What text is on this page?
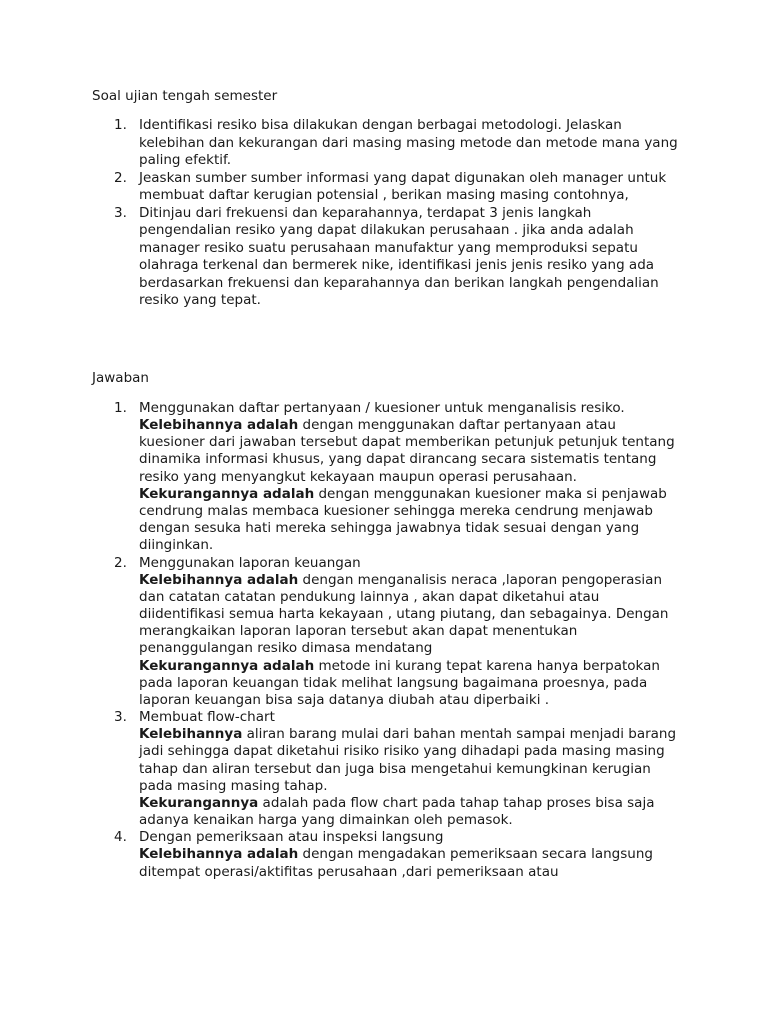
Soal ujian tengah semester
1. Identifikasi resiko bisa dilakukan dengan berbagai metodologi. Jelaskan kelebihan dan kekurangan dari masing masing metode dan metode mana yang paling efektif.

2. Jeaskan sumber sumber informasi yang dapat digunakan oleh manager untuk membuat daftar kerugian potensial , berikan masing masing contohnya,

3. Ditinjau dari frekuensi dan keparahannya, terdapat 3 jenis langkah pengendalian resiko yang dapat dilakukan perusahaan . jika anda adalah manager resiko suatu perusahaan manufaktur yang memproduksi sepatu olahraga terkenal dan bermerek nike, identifikasi jenis jenis resiko yang ada berdasarkan frekuensi dan keparahannya dan berikan langkah pengendalian resiko yang tepat.

Jawaban
1. Menggunakan daftar pertanyaan / kuesioner untuk menganalisis resiko.

Kelebihannya adalah dengan menggunakan daftar pertanyaan atau kuesioner dari jawaban tersebut dapat memberikan petunjuk petunjuk tentang dinamika informasi khusus, yang dapat dirancang secara sistematis tentang resiko yang menyangkut kekayaan maupun operasi perusahaan.

Kekurangannya adalah dengan menggunakan kuesioner maka si penjawab cendrung malas membaca kuesioner sehingga mereka cendrung menjawab dengan sesuka hati mereka sehingga jawabnya tidak sesuai dengan yang diinginkan.

2. Menggunakan laporan keuangan

Kelebihannya adalah dengan menganalisis neraca ,laporan pengoperasian dan catatan catatan pendukung lainnya , akan dapat diketahui atau diidentifikasi semua harta kekayaan , utang piutang, dan sebagainya. Dengan merangkaikan laporan laporan tersebut akan dapat menentukan penanggulangan resiko dimasa mendatang

Kekurangannya adalah metode ini kurang tepat karena hanya berpatokan pada laporan keuangan tidak melihat langsung bagaimana proesnya, pada laporan keuangan bisa saja datanya diubah atau diperbaiki .

3. Membuat flow-chart

Kelebihannya aliran barang mulai dari bahan mentah sampai menjadi barang jadi sehingga dapat diketahui risiko risiko yang dihadapi pada masing masing tahap dan aliran tersebut dan juga bisa mengetahui kemungkinan kerugian pada masing masing tahap.

Kekurangannya adalah pada flow chart pada tahap tahap proses bisa saja adanya kenaikan harga yang dimainkan oleh pemasok.

4. Dengan pemeriksaan atau inspeksi langsung

Kelebihannya adalah dengan mengadakan pemeriksaan secara langsung ditempat operasi/aktifitas perusahaan ,dari pemeriksaan atau
